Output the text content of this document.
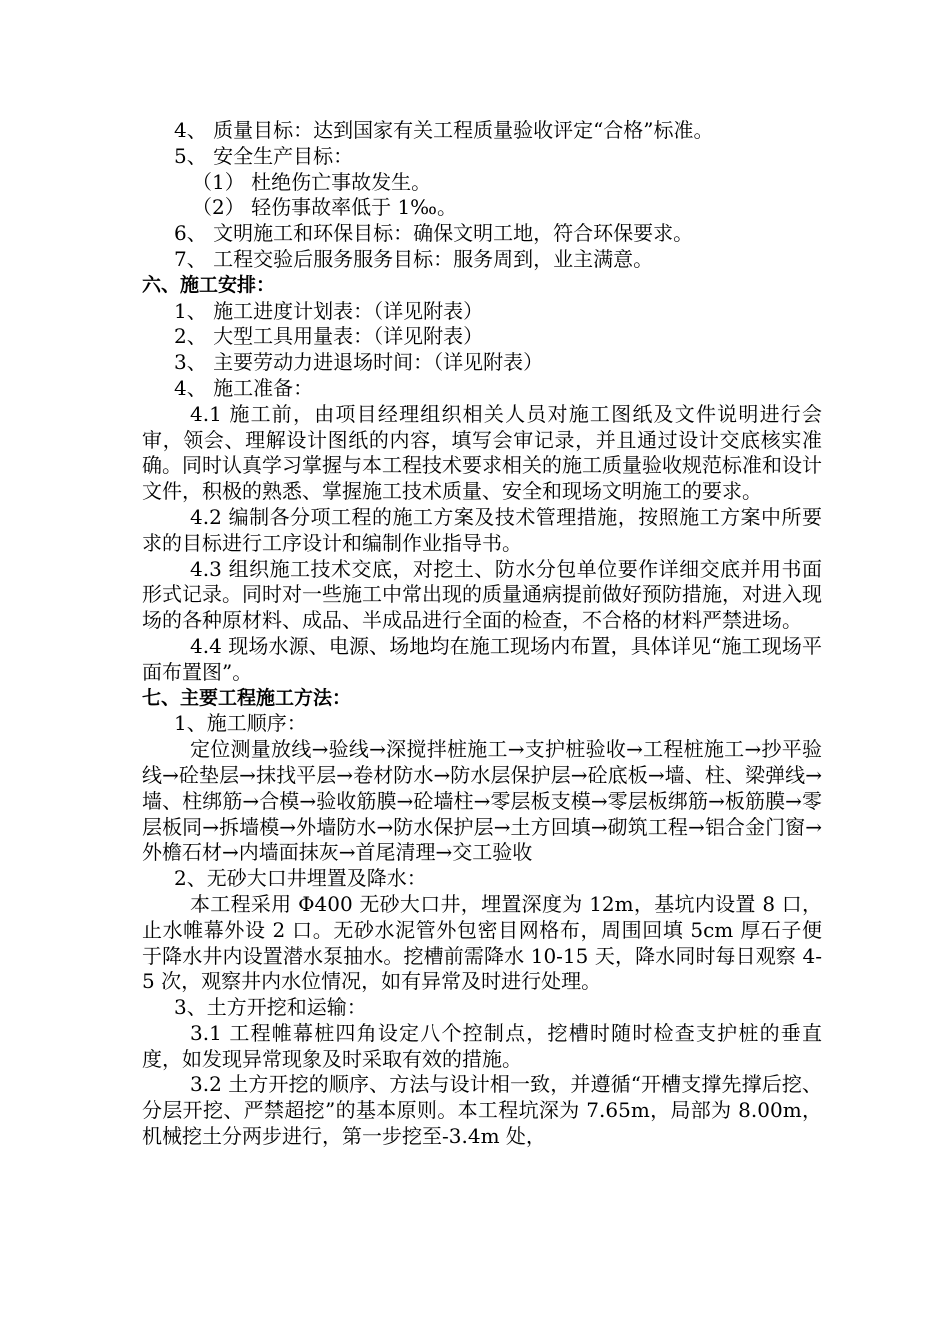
4、 质量目标：达到国家有关工程质量验收评定“合格”标准。

5、 安全生产目标：

（1） 杜绝伤亡事故发生。

（2） 轻伤事故率低于 1‰。

6、 文明施工和环保目标：确保文明工地，符合环保要求。

7、 工程交验后服务服务目标：服务周到，业主满意。

六、施工安排：

1、 施工进度计划表：（详见附表）

2、 大型工具用量表：（详见附表）

3、 主要劳动力进退场时间：（详见附表）

4、 施工准备：

4.1 施工前，由项目经理组织相关人员对施工图纸及文件说明进行会审，领会、理解设计图纸的内容，填写会审记录，并且通过设计交底核实准确。同时认真学习掌握与本工程技术要求相关的施工质量验收规范标准和设计文件，积极的熟悉、掌握施工技术质量、安全和现场文明施工的要求。

4.2 编制各分项工程的施工方案及技术管理措施，按照施工方案中所要求的目标进行工序设计和编制作业指导书。

4.3 组织施工技术交底，对挖土、防水分包单位要作详细交底并用书面形式记录。同时对一些施工中常出现的质量通病提前做好预防措施，对进入现场的各种原材料、成品、半成品进行全面的检查，不合格的材料严禁进场。

4.4 现场水源、电源、场地均在施工现场内布置，具体详见“施工现场平面布置图”。

七、主要工程施工方法：

1、施工顺序：

定位测量放线→验线→深搅拌桩施工→支护桩验收→工程桩施工→抄平验线→砼垫层→抹找平层→卷材防水→防水层保护层→砼底板→墙、柱、梁弹线→墙、柱绑筋→合模→验收筋膜→砼墙柱→零层板支模→零层板绑筋→板筋膜→零层板同→拆墙模→外墙防水→防水保护层→土方回填→砌筑工程→铝合金门窗→外檐石材→内墙面抹灰→首尾清理→交工验收

2、无砂大口井埋置及降水：

本工程采用 Φ400 无砂大口井，埋置深度为 12m，基坑内设置 8 口，止水帷幕外设 2 口。无砂水泥管外包密目网格布，周围回填 5cm 厚石子便于降水井内设置潜水泵抽水。挖槽前需降水 10-15 天，降水同时每日观察 4-5 次，观察井内水位情况，如有异常及时进行处理。

3、土方开挖和运输：

3.1 工程帷幕桩四角设定八个控制点，挖槽时随时检查支护桩的垂直度，如发现异常现象及时采取有效的措施。

3.2 土方开挖的顺序、方法与设计相一致，并遵循“开槽支撑先撑后挖、分层开挖、严禁超挖”的基本原则。本工程坑深为 7.65m，局部为 8.00m，机械挖土分两步进行，第一步挖至-3.4m 处，
